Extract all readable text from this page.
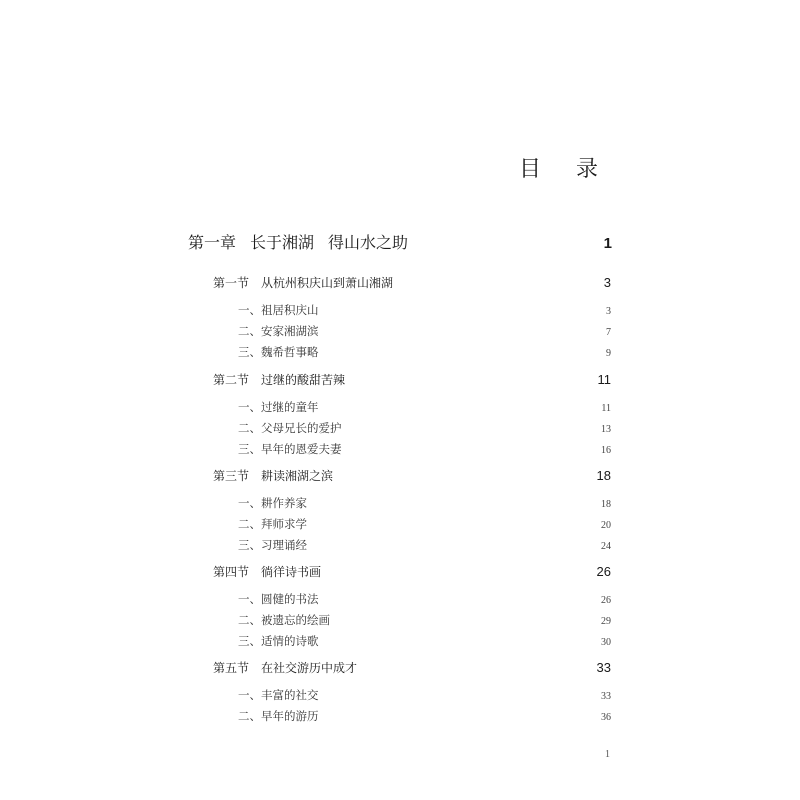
目 录
第一章 长于湘湖 得山水之助	1
第一节 从杭州积庆山到萧山湘湖	3
一、祖居积庆山	3
二、安家湘湖滨	7
三、魏希哲事略	9
第二节 过继的酸甜苦辣	11
一、过继的童年	11
二、父母兄长的爱护	13
三、早年的恩爱夫妻	16
第三节 耕读湘湖之滨	18
一、耕作养家	18
二、拜师求学	20
三、习理诵经	24
第四节 徜徉诗书画	26
一、圆健的书法	26
二、被遗忘的绘画	29
三、适情的诗歌	30
第五节 在社交游历中成才	33
一、丰富的社交	33
二、早年的游历	36
1
